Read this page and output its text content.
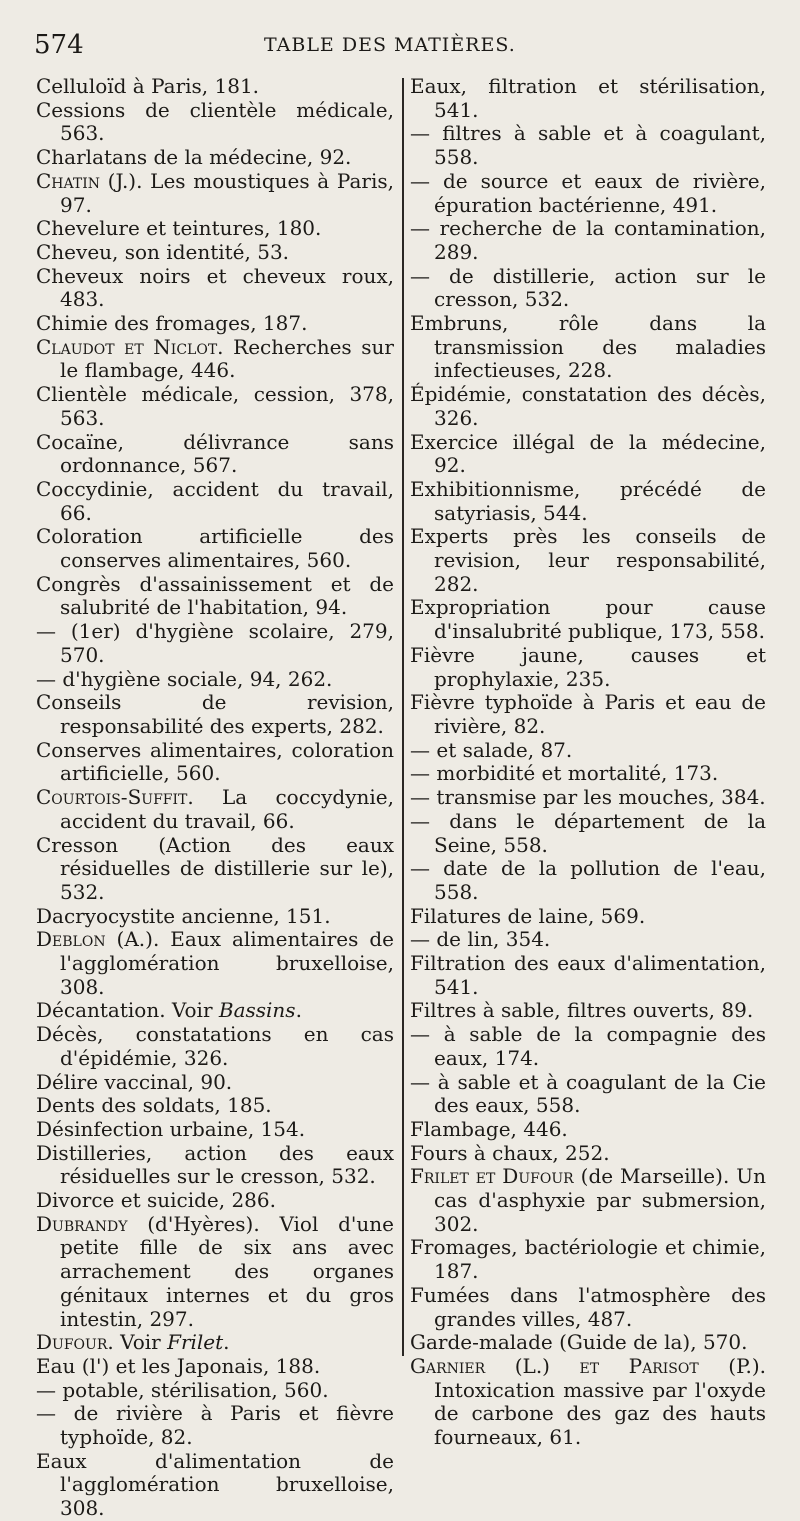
574	TABLE DES MATIÈRES.

Celluloïd à Paris, 181.

Cessions de clientèle médicale, 563.

Charlatans de la médecine, 92.

Chatin (J.). Les moustiques à Paris, 97.

Chevelure et teintures, 180.

Cheveu, son identité, 53.

Cheveux noirs et cheveux roux, 483.

Chimie des fromages, 187.

Claudot et Niclot. Recherches sur le flambage, 446.

Clientèle médicale, cession, 378, 563.

Cocaïne, délivrance sans ordonnance, 567.

Coccydinie, accident du travail, 66.

Coloration artificielle des conserves alimentaires, 560.

Congrès d'assainissement et de salubrité de l'habitation, 94.

— (1er) d'hygiène scolaire, 279, 570.

— d'hygiène sociale, 94, 262.

Conseils de revision, responsabilité des experts, 282.

Conserves alimentaires, coloration artificielle, 560.

Courtois-Suffit. La coccydynie, accident du travail, 66.

Cresson (Action des eaux résiduelles de distillerie sur le), 532.

Dacryocystite ancienne, 151.

Deblon (A.). Eaux alimentaires de l'agglomération bruxelloise, 308.

Décantation. Voir Bassins.

Décès, constatations en cas d'épidémie, 326.

Délire vaccinal, 90.

Dents des soldats, 185.

Désinfection urbaine, 154.

Distilleries, action des eaux résiduelles sur le cresson, 532.

Divorce et suicide, 286.

Dubrandy (d'Hyères). Viol d'une petite fille de six ans avec arrachement des organes génitaux internes et du gros intestin, 297.

Dufour. Voir Frilet.

Eau (l') et les Japonais, 188.

— potable, stérilisation, 560.

— de rivière à Paris et fièvre typhoïde, 82.

Eaux d'alimentation de l'agglomération bruxelloise, 308.

Eaux, filtration et stérilisation, 541.

— filtres à sable et à coagulant, 558.

— de source et eaux de rivière, épuration bactérienne, 491.

— recherche de la contamination, 289.

— de distillerie, action sur le cresson, 532.

Embruns, rôle dans la transmission des maladies infectieuses, 228.

Épidémie, constatation des décès, 326.

Exercice illégal de la médecine, 92.

Exhibitionnisme, précédé de satyriasis, 544.

Experts près les conseils de revision, leur responsabilité, 282.

Expropriation pour cause d'insalubrité publique, 173, 558.

Fièvre jaune, causes et prophylaxie, 235.

Fièvre typhoïde à Paris et eau de rivière, 82.

— et salade, 87.

— morbidité et mortalité, 173.

— transmise par les mouches, 384.

— dans le département de la Seine, 558.

— date de la pollution de l'eau, 558.

Filatures de laine, 569.

— de lin, 354.

Filtration des eaux d'alimentation, 541.

Filtres à sable, filtres ouverts, 89.

— à sable de la compagnie des eaux, 174.

— à sable et à coagulant de la Cie des eaux, 558.

Flambage, 446.

Fours à chaux, 252.

Frilet et Dufour (de Marseille). Un cas d'asphyxie par submersion, 302.

Fromages, bactériologie et chimie, 187.

Fumées dans l'atmosphère des grandes villes, 487.

Garde-malade (Guide de la), 570.

Garnier (L.) et Parisot (P.). Intoxication massive par l'oxyde de carbone des gaz des hauts fourneaux, 61.
